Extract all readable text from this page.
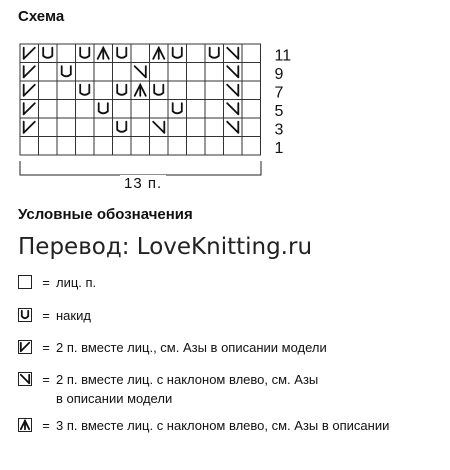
Схема
11
9
7
5
3
1
13 п.
Условные обозначения
Перевод: LoveKnitting.ru
= лиц. п.
= накид
= 2 п. вместе лиц., см. Азы в описании модели
= 2 п. вместе лиц. с наклоном влево, см. Азы
в описании модели
= 3 п. вместе лиц. с наклоном влево, см. Азы в описании
